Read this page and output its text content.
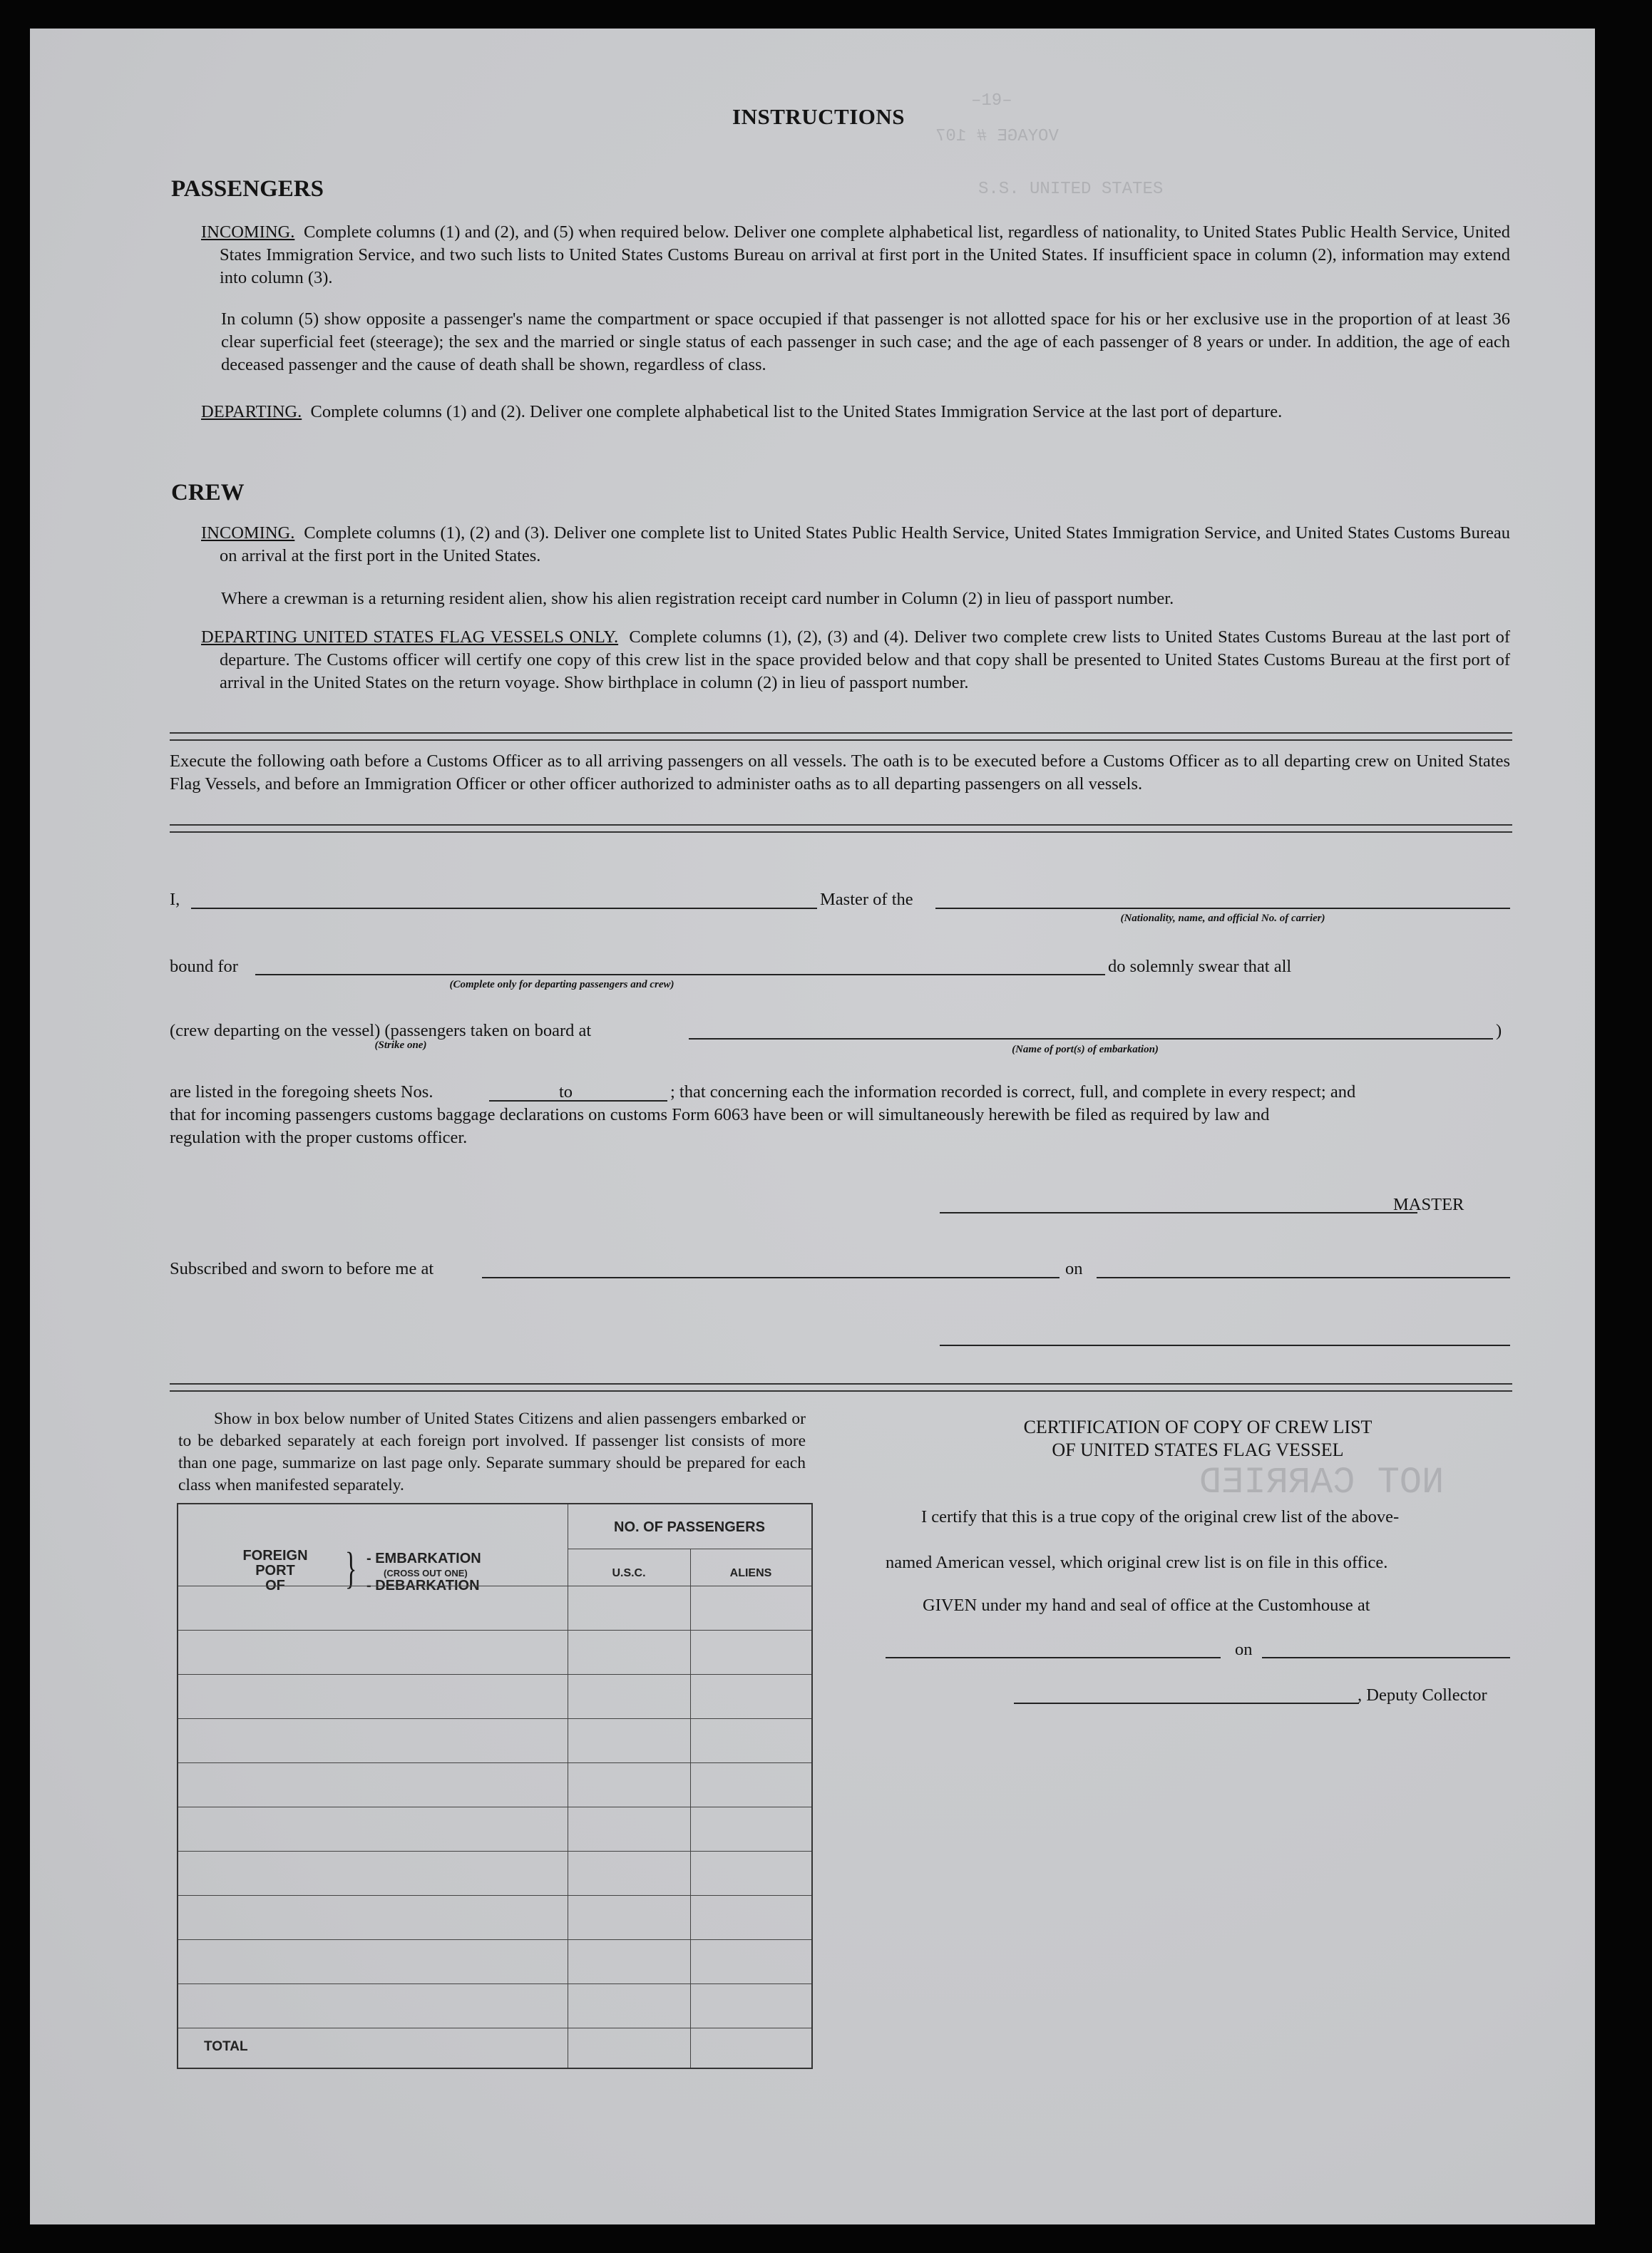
–19–
VOYAGE # 107
S.S. UNITED STATES
NOT CARRIED
INSTRUCTIONS
PASSENGERS
INCOMING. Complete columns (1) and (2), and (5) when required below. Deliver one complete alphabetical list, regardless of nationality, to United States Public Health Service, United States Immigration Service, and two such lists to United States Customs Bureau on arrival at first port in the United States. If insufficient space in column (2), information may extend into column (3).
In column (5) show opposite a passenger's name the compartment or space occupied if that passenger is not allotted space for his or her exclusive use in the proportion of at least 36 clear superficial feet (steerage); the sex and the married or single status of each passenger in such case; and the age of each passenger of 8 years or under. In addition, the age of each deceased passenger and the cause of death shall be shown, regardless of class.
DEPARTING. Complete columns (1) and (2). Deliver one complete alphabetical list to the United States Immigration Service at the last port of departure.
CREW
INCOMING. Complete columns (1), (2) and (3). Deliver one complete list to United States Public Health Service, United States Immigration Service, and United States Customs Bureau on arrival at the first port in the United States.
Where a crewman is a returning resident alien, show his alien registration receipt card number in Column (2) in lieu of passport number.
DEPARTING UNITED STATES FLAG VESSELS ONLY. Complete columns (1), (2), (3) and (4). Deliver two complete crew lists to United States Customs Bureau at the last port of departure. The Customs officer will certify one copy of this crew list in the space provided below and that copy shall be presented to United States Customs Bureau at the first port of arrival in the United States on the return voyage. Show birthplace in column (2) in lieu of passport number.
Execute the following oath before a Customs Officer as to all arriving passengers on all vessels. The oath is to be executed before a Customs Officer as to all departing crew on United States Flag Vessels, and before an Immigration Officer or other officer authorized to administer oaths as to all departing passengers on all vessels.
I,	Master of the
(Nationality, name, and official No. of carrier)
bound for
(Complete only for departing passengers and crew)
do solemnly swear that all
(crew departing on the vessel) (passengers taken on board at
(Strike one)	(Name of port(s) of embarkation)
)
are listed in the foregoing sheets Nos.	to	; that concerning each the information recorded is correct, full, and complete in every respect; and
that for incoming passengers customs baggage declarations on customs Form 6063 have been or will simultaneously herewith be filed as required by law and
regulation with the proper customs officer.
MASTER
Subscribed and sworn to before me at	on
Show in box below number of United States Citizens and alien passengers embarked or to be debarked separately at each foreign port involved. If passenger list consists of more than one page, summarize on last page only. Separate summary should be prepared for each class when manifested separately.
FOREIGN
PORT
OF	} - EMBARKATION
(CROSS OUT ONE)
- DEBARKATION
NO. OF PASSENGERS
U.S.C.	ALIENS
TOTAL
CERTIFICATION OF COPY OF CREW LIST
OF UNITED STATES FLAG VESSEL
I certify that this is a true copy of the original crew list of the above-
named American vessel, which original crew list is on file in this office.
GIVEN under my hand and seal of office at the Customhouse at
on
, Deputy Collector
